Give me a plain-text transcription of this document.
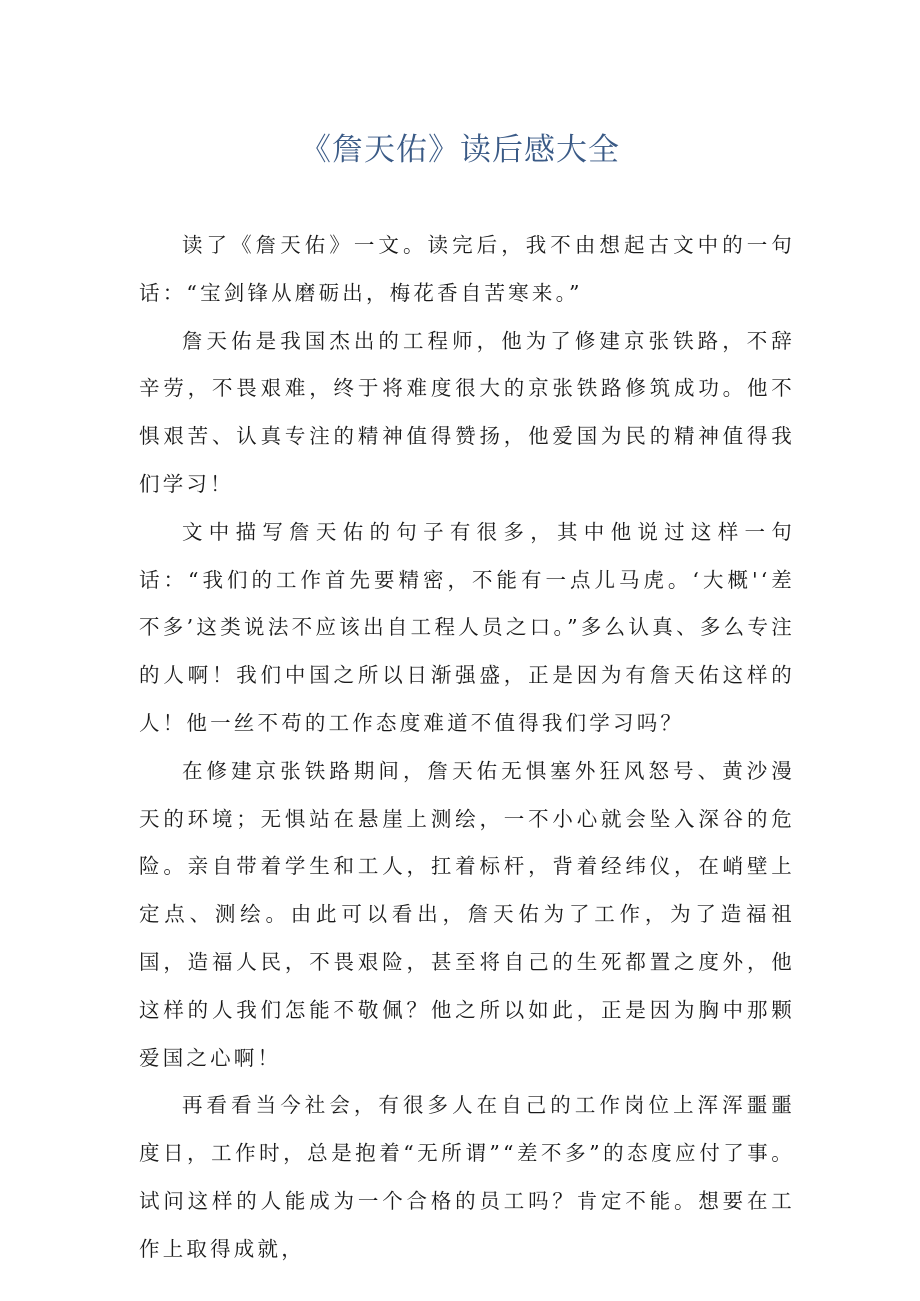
《詹天佑》读后感大全

读了《詹天佑》一文。读完后，我不由想起古文中的一句话：“宝剑锋从磨砺出，梅花香自苦寒来。”

詹天佑是我国杰出的工程师，他为了修建京张铁路，不辞辛劳，不畏艰难，终于将难度很大的京张铁路修筑成功。他不惧艰苦、认真专注的精神值得赞扬，他爱国为民的精神值得我们学习！

文中描写詹天佑的句子有很多，其中他说过这样一句话：“我们的工作首先要精密，不能有一点儿马虎。‘大概'‘差不多’这类说法不应该出自工程人员之口。”多么认真、多么专注的人啊！我们中国之所以日渐强盛，正是因为有詹天佑这样的人！他一丝不苟的工作态度难道不值得我们学习吗？

在修建京张铁路期间，詹天佑无惧塞外狂风怒号、黄沙漫天的环境；无惧站在悬崖上测绘，一不小心就会坠入深谷的危险。亲自带着学生和工人，扛着标杆，背着经纬仪，在峭壁上定点、测绘。由此可以看出，詹天佑为了工作，为了造福祖国，造福人民，不畏艰险，甚至将自己的生死都置之度外，他这样的人我们怎能不敬佩？他之所以如此，正是因为胸中那颗爱国之心啊！

再看看当今社会，有很多人在自己的工作岗位上浑浑噩噩度日，工作时，总是抱着“无所谓”“差不多”的态度应付了事。试问这样的人能成为一个合格的员工吗？肯定不能。想要在工作上取得成就，
